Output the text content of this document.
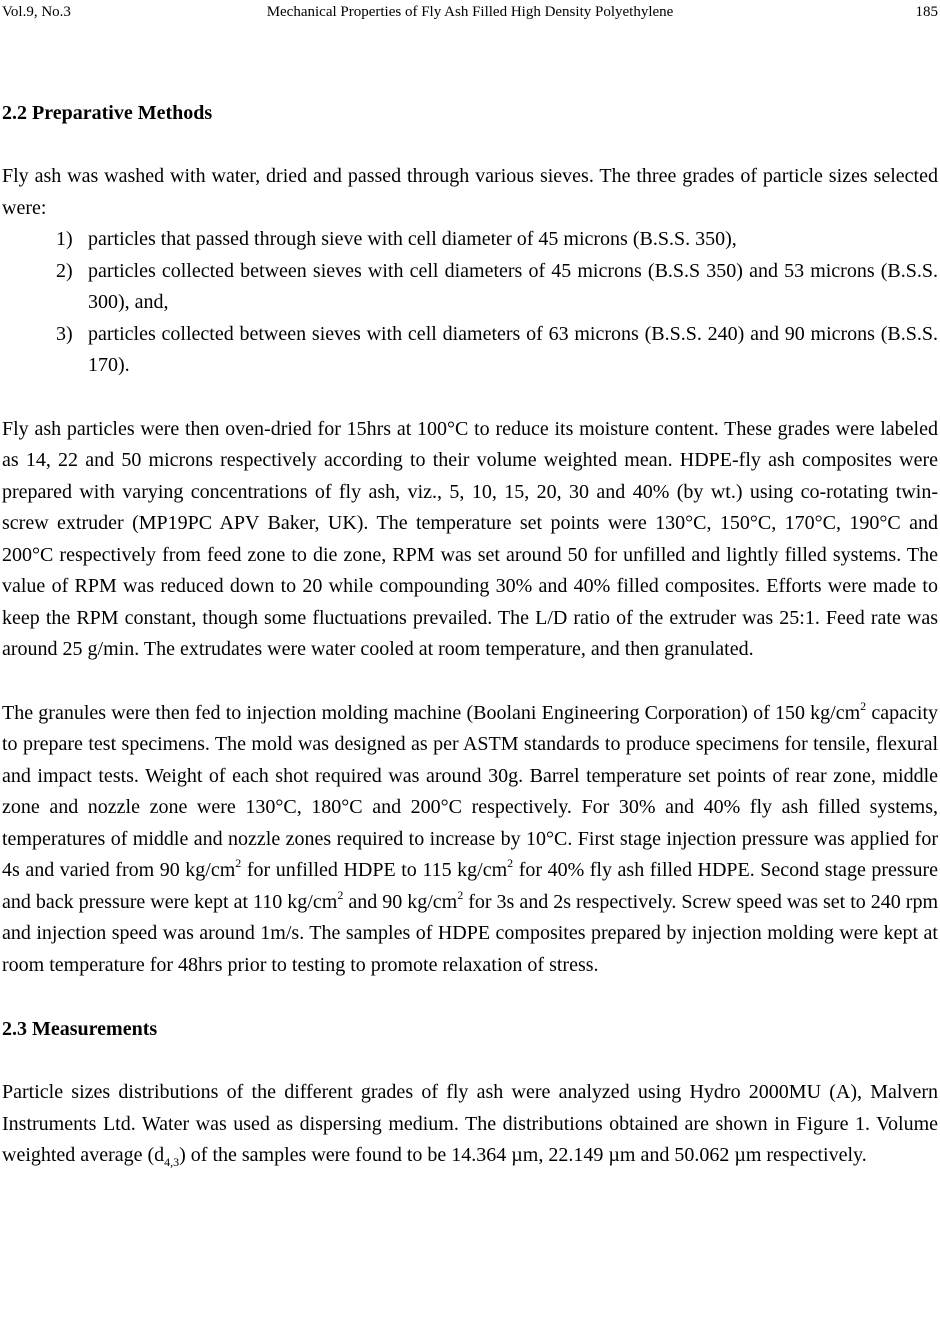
Vol.9, No.3	Mechanical Properties of Fly Ash Filled High Density Polyethylene	185
2.2 Preparative Methods

Fly ash was washed with water, dried and passed through various sieves. The three grades of particle sizes selected were:

1) particles that passed through sieve with cell diameter of 45 microns (B.S.S. 350),
2) particles collected between sieves with cell diameters of 45 microns (B.S.S 350) and 53 microns (B.S.S. 300), and,
3) particles collected between sieves with cell diameters of 63 microns (B.S.S. 240) and 90 microns (B.S.S. 170).

Fly ash particles were then oven-dried for 15hrs at 100°C to reduce its moisture content. These grades were labeled as 14, 22 and 50 microns respectively according to their volume weighted mean. HDPE-fly ash composites were prepared with varying concentrations of fly ash, viz., 5, 10, 15, 20, 30 and 40% (by wt.) using co-rotating twin-screw extruder (MP19PC APV Baker, UK). The temperature set points were 130°C, 150°C, 170°C, 190°C and 200°C respectively from feed zone to die zone, RPM was set around 50 for unfilled and lightly filled systems. The value of RPM was reduced down to 20 while compounding 30% and 40% filled composites. Efforts were made to keep the RPM constant, though some fluctuations prevailed. The L/D ratio of the extruder was 25:1. Feed rate was around 25 g/min. The extrudates were water cooled at room temperature, and then granulated.

The granules were then fed to injection molding machine (Boolani Engineering Corporation) of 150 $kg/cm^2$ capacity to prepare test specimens. The mold was designed as per ASTM standards to produce specimens for tensile, flexural and impact tests. Weight of each shot required was around 30g. Barrel temperature set points of rear zone, middle zone and nozzle zone were 130°C, 180°C and 200°C respectively. For 30% and 40% fly ash filled systems, temperatures of middle and nozzle zones required to increase by 10°C. First stage injection pressure was applied for 4s and varied from 90 $kg/cm^2$ for unfilled HDPE to 115 $kg/cm^2$ for 40% fly ash filled HDPE. Second stage pressure and back pressure were kept at 110 $kg/cm^2$ and 90 $kg/cm^2$ for 3s and 2s respectively. Screw speed was set to 240 rpm and injection speed was around 1m/s. The samples of HDPE composites prepared by injection molding were kept at room temperature for 48hrs prior to testing to promote relaxation of stress.

2.3 Measurements

Particle sizes distributions of the different grades of fly ash were analyzed using Hydro 2000MU (A), Malvern Instruments Ltd. Water was used as dispersing medium. The distributions obtained are shown in Figure 1. Volume weighted average $(d_{4,3})$ of the samples were found to be 14.364 µm, 22.149 µm and 50.062 µm respectively.
